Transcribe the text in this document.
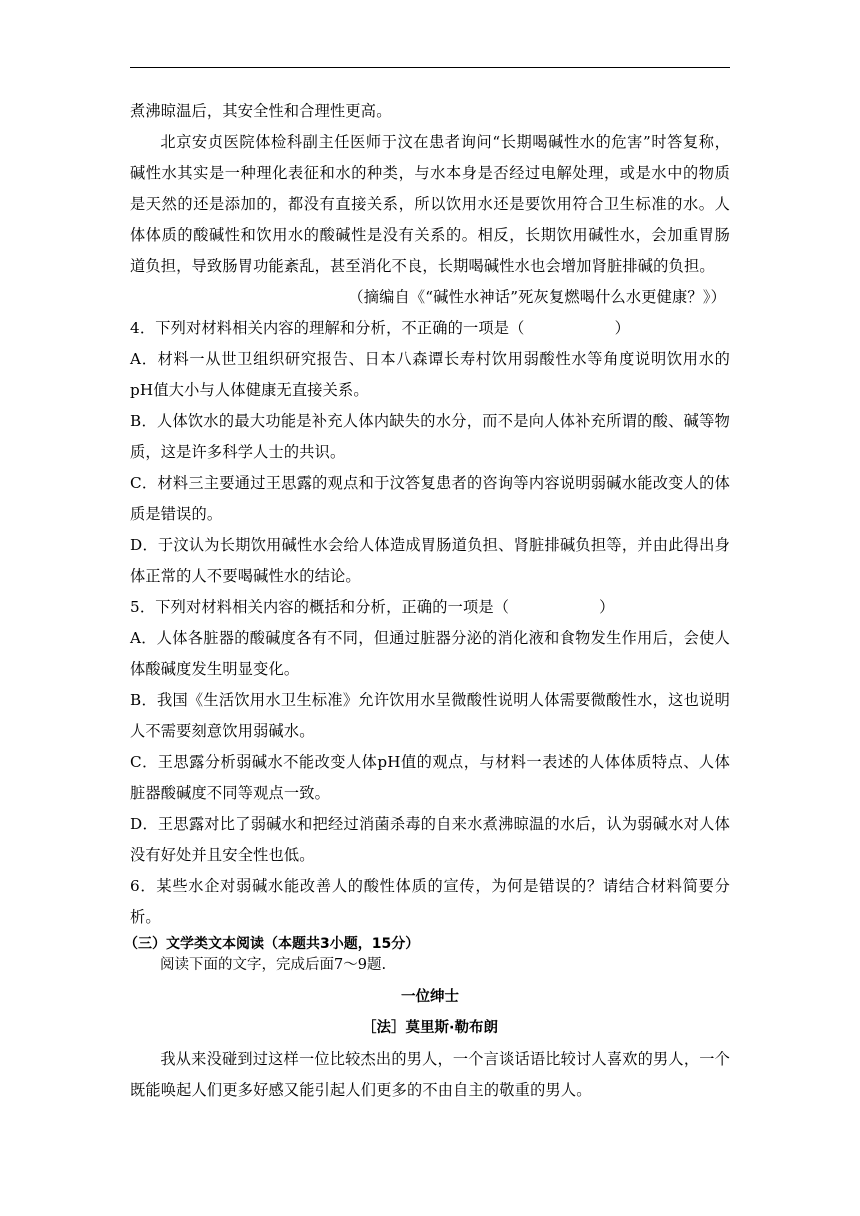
煮沸晾温后，其安全性和合理性更高。

北京安贞医院体检科副主任医师于汶在患者询问“长期喝碱性水的危害”时答复称，碱性水其实是一种理化表征和水的种类，与水本身是否经过电解处理，或是水中的物质是天然的还是添加的，都没有直接关系，所以饮用水还是要饮用符合卫生标准的水。人体体质的酸碱性和饮用水的酸碱性是没有关系的。相反，长期饮用碱性水，会加重胃肠道负担，导致肠胃功能紊乱，甚至消化不良，长期喝碱性水也会增加肾脏排碱的负担。

（摘编自《“碱性水神话”死灰复燃喝什么水更健康？》）

4．下列对材料相关内容的理解和分析，不正确的一项是（	）

A．材料一从世卫组织研究报告、日本八森谭长寿村饮用弱酸性水等角度说明饮用水的pH值大小与人体健康无直接关系。

B．人体饮水的最大功能是补充人体内缺失的水分，而不是向人体补充所谓的酸、碱等物质，这是许多科学人士的共识。

C．材料三主要通过王思露的观点和于汶答复患者的咨询等内容说明弱碱水能改变人的体质是错误的。

D．于汶认为长期饮用碱性水会给人体造成胃肠道负担、肾脏排碱负担等，并由此得出身体正常的人不要喝碱性水的结论。

5．下列对材料相关内容的概括和分析，正确的一项是（	）

A．人体各脏器的酸碱度各有不同，但通过脏器分泌的消化液和食物发生作用后，会使人体酸碱度发生明显变化。

B．我国《生活饮用水卫生标准》允许饮用水呈微酸性说明人体需要微酸性水，这也说明人不需要刻意饮用弱碱水。

C．王思露分析弱碱水不能改变人体pH值的观点，与材料一表述的人体体质特点、人体脏器酸碱度不同等观点一致。

D．王思露对比了弱碱水和把经过消菌杀毒的自来水煮沸晾温的水后，认为弱碱水对人体没有好处并且安全性也低。

6．某些水企对弱碱水能改善人的酸性体质的宣传，为何是错误的？请结合材料简要分析。

（三）文学类文本阅读（本题共3小题，15分）
阅读下面的文字，完成后面7～9题.
一位绅士
［法］莫里斯·勒布朗

我从来没碰到过这样一位比较杰出的男人，一个言谈话语比较讨人喜欢的男人，一个既能唤起人们更多好感又能引起人们更多的不由自主的敬重的男人。
